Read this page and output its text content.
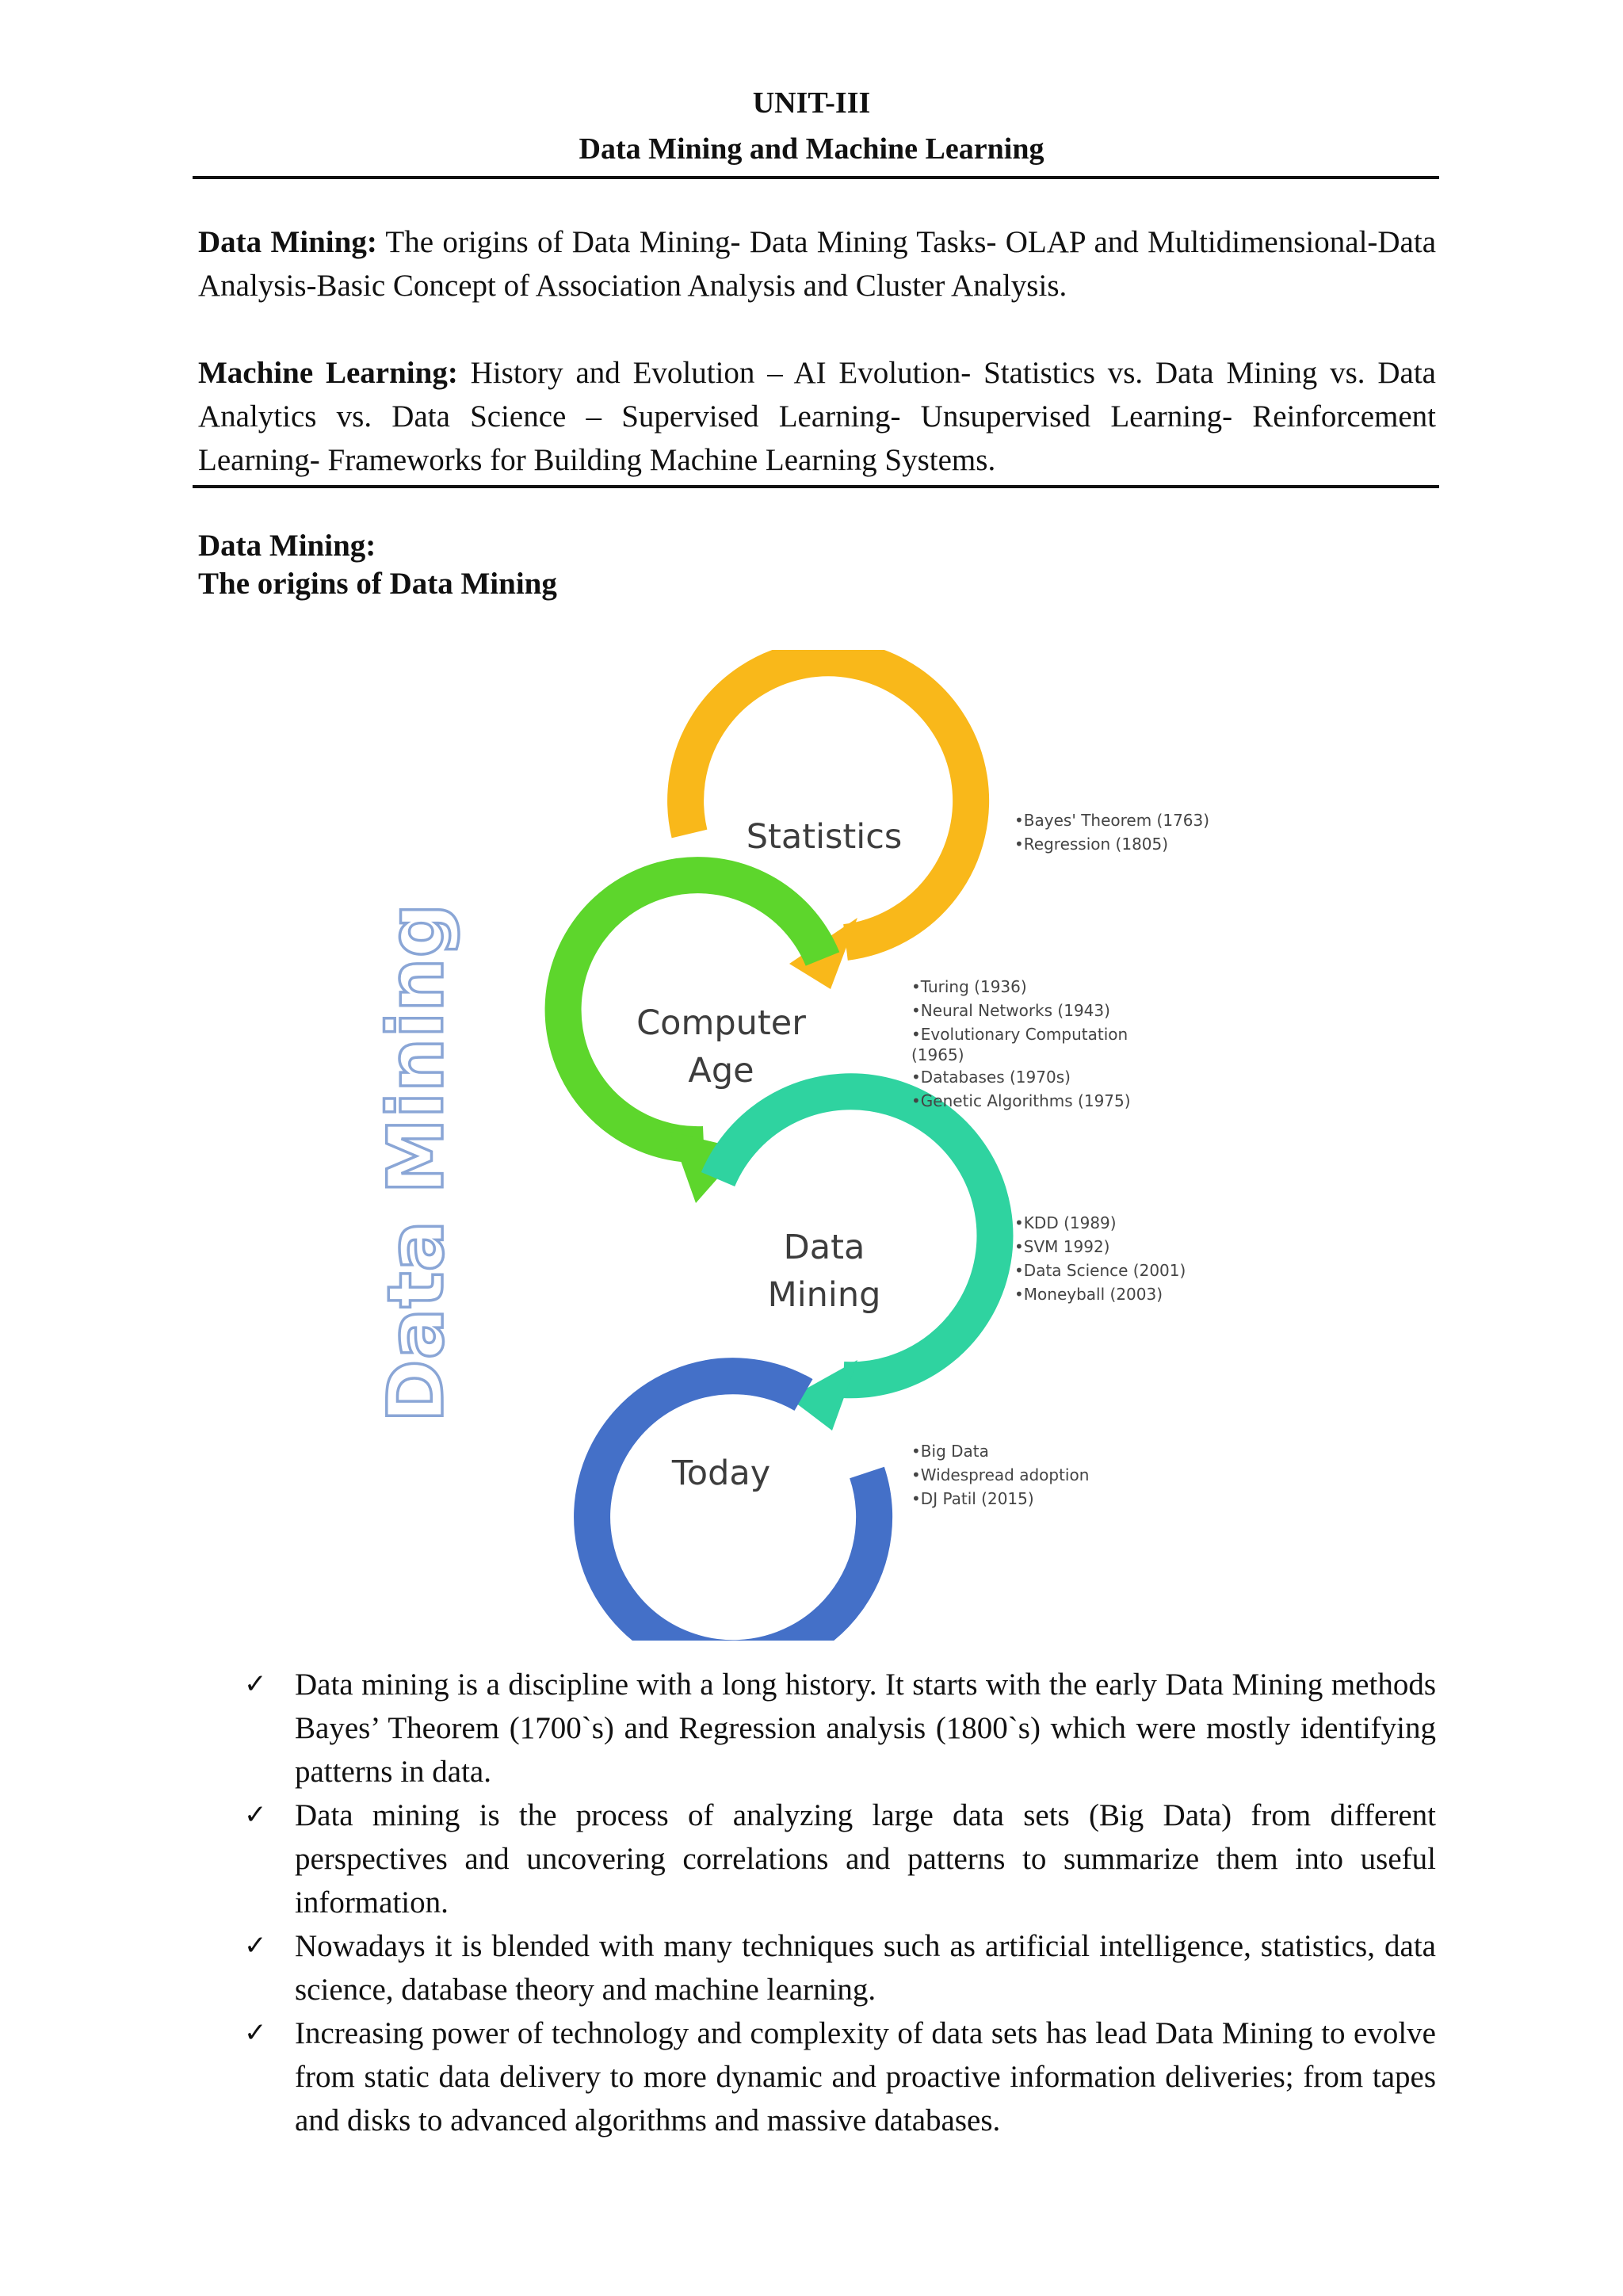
UNIT-III
Data Mining and Machine Learning
Data Mining: The origins of Data Mining- Data Mining Tasks- OLAP and Multidimensional-Data Analysis-Basic Concept of Association Analysis and Cluster Analysis.
Machine Learning: History and Evolution – AI Evolution- Statistics vs. Data Mining vs. Data Analytics vs. Data Science – Supervised Learning- Unsupervised Learning- Reinforcement Learning- Frameworks for Building Machine Learning Systems.
Data Mining:
The origins of Data Mining
Data Mining
Statistics
Computer
Age
Data
Mining
Today
•Bayes' Theorem (1763)
•Regression (1805)
•Turing (1936)
•Neural Networks (1943)
•Evolutionary Computation
(1965)
•Databases (1970s)
•Genetic Algorithms (1975)
•KDD (1989)
•SVM 1992)
•Data Science (2001)
•Moneyball (2003)
•Big Data
•Widespread adoption
•DJ Patil (2015)
✓ Data mining is a discipline with a long history. It starts with the early Data Mining methods Bayes’ Theorem (1700`s) and Regression analysis (1800`s) which were mostly identifying patterns in data.
✓ Data mining is the process of analyzing large data sets (Big Data) from different perspectives and uncovering correlations and patterns to summarize them into useful information.
✓ Nowadays it is blended with many techniques such as artificial intelligence, statistics, data science, database theory and machine learning.
✓ Increasing power of technology and complexity of data sets has lead Data Mining to evolve from static data delivery to more dynamic and proactive information deliveries; from tapes and disks to advanced algorithms and massive databases.
